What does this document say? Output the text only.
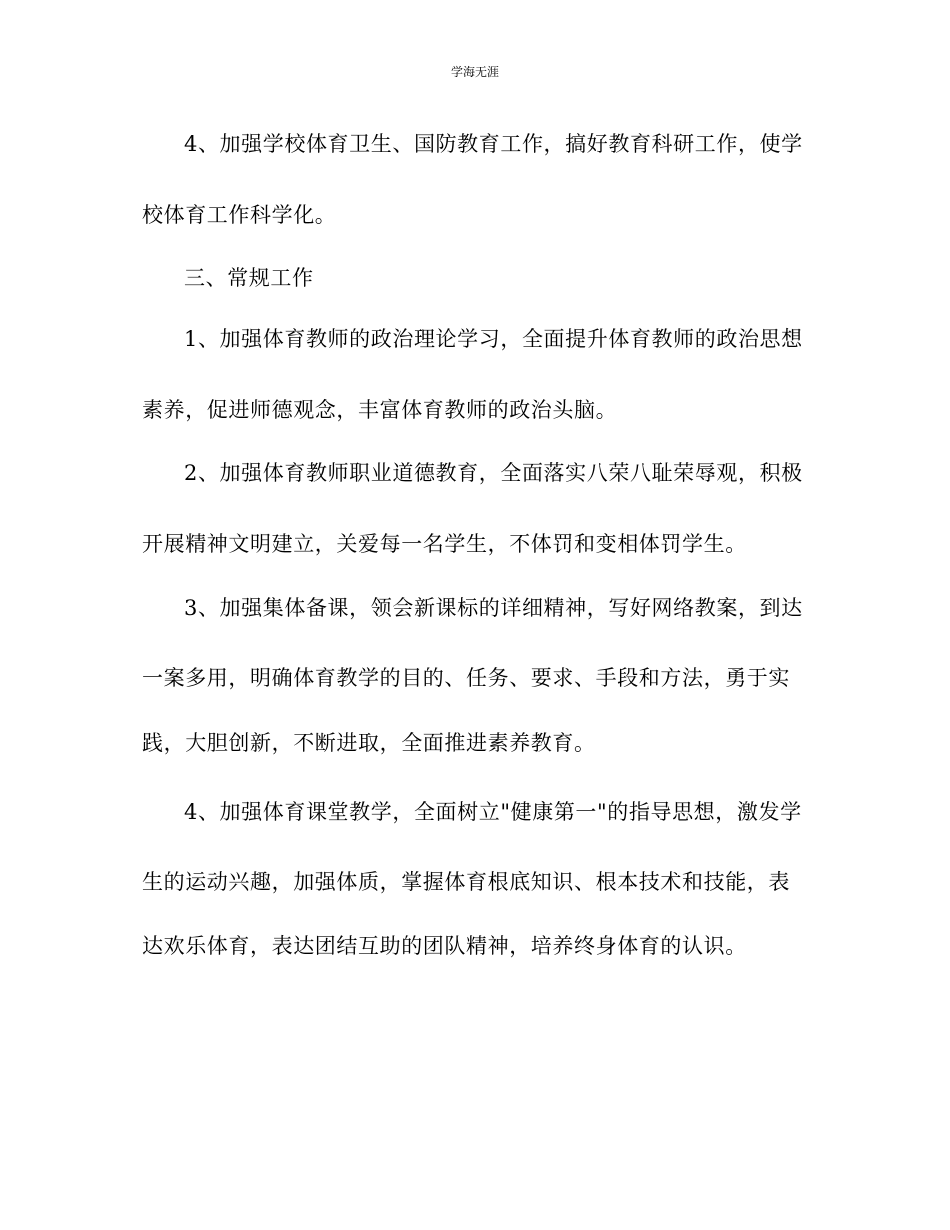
学海无涯
4、加强学校体育卫生、国防教育工作，搞好教育科研工作，使学
校体育工作科学化。
三、常规工作
1、加强体育教师的政治理论学习，全面提升体育教师的政治思想
素养，促进师德观念，丰富体育教师的政治头脑。
2、加强体育教师职业道德教育，全面落实八荣八耻荣辱观，积极
开展精神文明建立，关爱每一名学生，不体罚和变相体罚学生。
3、加强集体备课，领会新课标的详细精神，写好网络教案，到达
一案多用，明确体育教学的目的、任务、要求、手段和方法，勇于实
践，大胆创新，不断进取，全面推进素养教育。
4、加强体育课堂教学，全面树立"健康第一"的指导思想，激发学
生的运动兴趣，加强体质，掌握体育根底知识、根本技术和技能，表
达欢乐体育，表达团结互助的团队精神，培养终身体育的认识。
